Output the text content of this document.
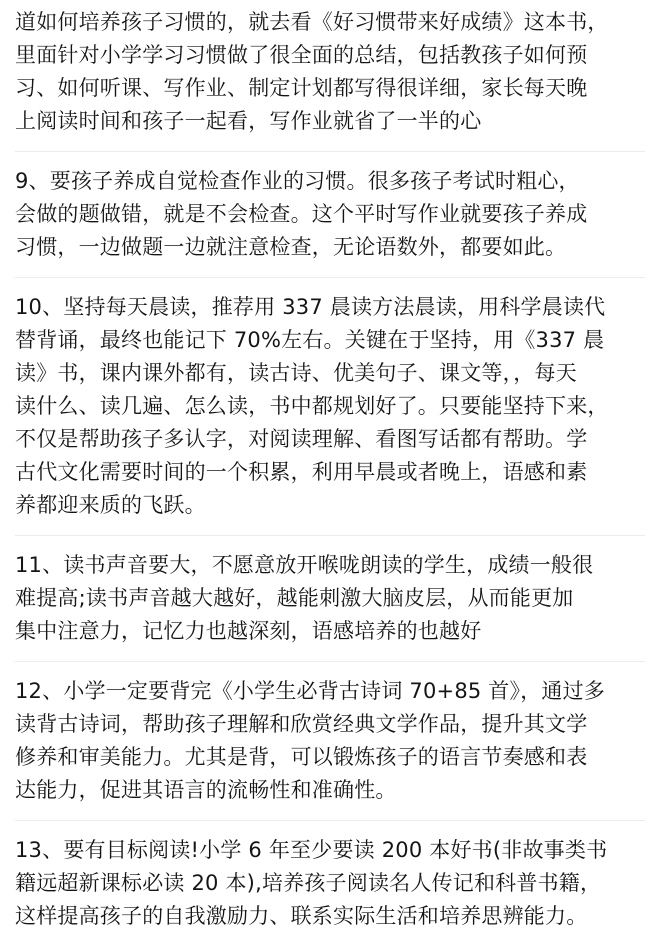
道如何培养孩子习惯的，就去看《好习惯带来好成绩》这本书，
里面针对小学学习习惯做了很全面的总结，包括教孩子如何预
习、如何听课、写作业、制定计划都写得很详细，家长每天晚
上阅读时间和孩子一起看，写作业就省了一半的心
9、要孩子养成自觉检查作业的习惯。很多孩子考试时粗心，
会做的题做错，就是不会检查。这个平时写作业就要孩子养成
习惯，一边做题一边就注意检查，无论语数外，都要如此。
10、坚持每天晨读，推荐用 337 晨读方法晨读，用科学晨读代
替背诵，最终也能记下 70%左右。关键在于坚持，用《337 晨
读》书，课内课外都有，读古诗、优美句子、课文等，，每天
读什么、读几遍、怎么读，书中都规划好了。只要能坚持下来，
不仅是帮助孩子多认字，对阅读理解、看图写话都有帮助。学
古代文化需要时间的一个积累，利用早晨或者晚上，语感和素
养都迎来质的飞跃。
11、读书声音要大，不愿意放开喉咙朗读的学生，成绩一般很
难提高;读书声音越大越好，越能刺激大脑皮层，从而能更加
集中注意力，记忆力也越深刻，语感培养的也越好
12、小学一定要背完《小学生必背古诗词 70+85 首》，通过多
读背古诗词，帮助孩子理解和欣赏经典文学作品，提升其文学
修养和审美能力。尤其是背，可以锻炼孩子的语言节奏感和表
达能力，促进其语言的流畅性和准确性。
13、要有目标阅读!小学 6 年至少要读 200 本好书(非故事类书
籍远超新课标必读 20 本),培养孩子阅读名人传记和科普书籍，
这样提高孩子的自我激励力、联系实际生活和培养思辨能力。
